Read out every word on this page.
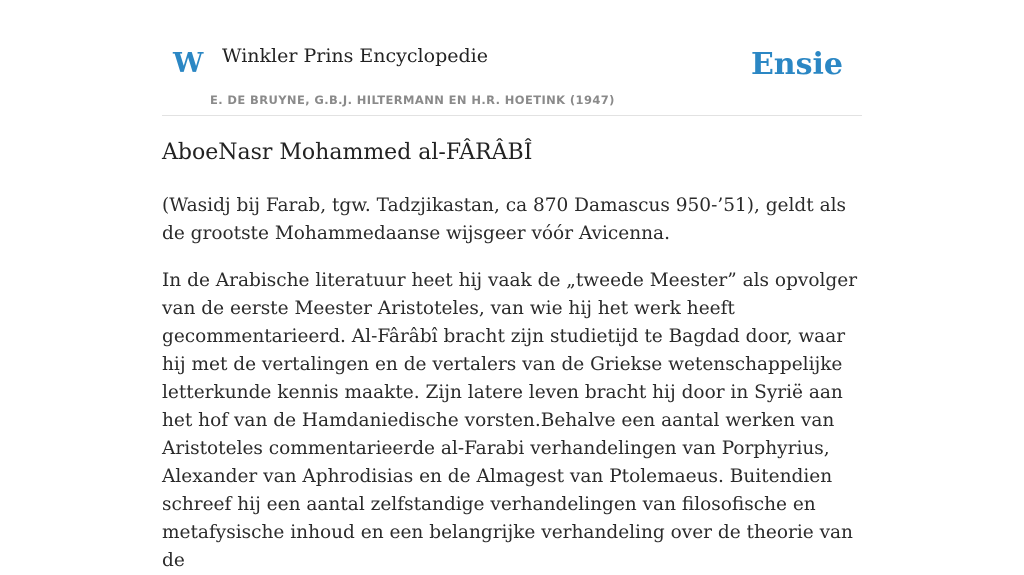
W Winkler Prins Encyclopedie
E. DE BRUYNE, G.B.J. HILTERMANN EN H.R. HOETINK (1947)
Ensie
AboeNasr Mohammed al-FÂRÂBÎ

(Wasidj bij Farab, tgw. Tadzjikastan, ca 870 Damascus 950-’51), geldt als de grootste Mohammedaanse wijsgeer vóór Avicenna.

In de Arabische literatuur heet hij vaak de „tweede Meester” als opvolger van de eerste Meester Aristoteles, van wie hij het werk heeft gecommentarieerd. Al-Fârâbî bracht zijn studietijd te Bagdad door, waar hij met de vertalingen en de vertalers van de Griekse wetenschappelijke letterkunde kennis maakte. Zijn latere leven bracht hij door in Syrië aan het hof van de Hamdaniedische vorsten.Behalve een aantal werken van Aristoteles commentarieerde al-Farabi verhandelingen van Porphyrius, Alexander van Aphrodisias en de Almagest van Ptolemaeus. Buitendien schreef hij een aantal zelfstandige verhandelingen van filosofische en metafysische inhoud en een belangrijke verhandeling over de theorie van de
